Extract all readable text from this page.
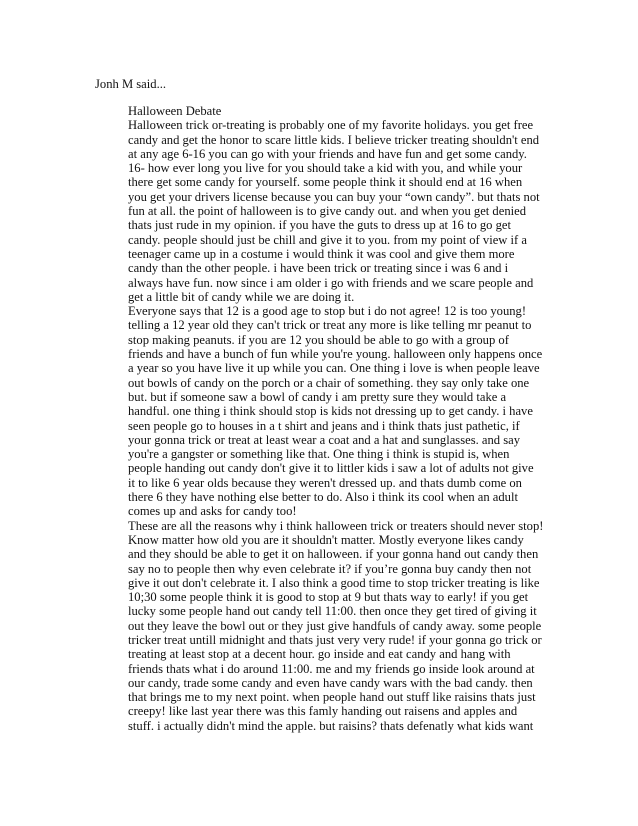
Jonh M said...
Halloween Debate
Halloween trick or-treating is probably one of my favorite holidays. you get free
candy and get the honor to scare little kids. I believe tricker treating shouldn't end
at any age 6-16 you can go with your friends and have fun and get some candy.
16- how ever long you live for you should take a kid with you, and while your
there get some candy for yourself. some people think it should end at 16 when
you get your drivers license because you can buy your “own candy”. but thats not
fun at all. the point of halloween is to give candy out. and when you get denied
thats just rude in my opinion. if you have the guts to dress up at 16 to go get
candy. people should just be chill and give it to you. from my point of view if a
teenager came up in a costume i would think it was cool and give them more
candy than the other people. i have been trick or treating since i was 6 and i
always have fun. now since i am older i go with friends and we scare people and
get a little bit of candy while we are doing it.
Everyone says that 12 is a good age to stop but i do not agree! 12 is too young!
telling a 12 year old they can't trick or treat any more is like telling mr peanut to
stop making peanuts. if you are 12 you should be able to go with a group of
friends and have a bunch of fun while you're young. halloween only happens once
a year so you have live it up while you can. One thing i love is when people leave
out bowls of candy on the porch or a chair of something. they say only take one
but. but if someone saw a bowl of candy i am pretty sure they would take a
handful. one thing i think should stop is kids not dressing up to get candy. i have
seen people go to houses in a t shirt and jeans and i think thats just pathetic, if
your gonna trick or treat at least wear a coat and a hat and sunglasses. and say
you're a gangster or something like that. One thing i think is stupid is, when
people handing out candy don't give it to littler kids i saw a lot of adults not give
it to like 6 year olds because they weren't dressed up. and thats dumb come on
there 6 they have nothing else better to do. Also i think its cool when an adult
comes up and asks for candy too!
These are all the reasons why i think halloween trick or treaters should never stop!
Know matter how old you are it shouldn't matter. Mostly everyone likes candy
and they should be able to get it on halloween. if your gonna hand out candy then
say no to people then why even celebrate it? if you’re gonna buy candy then not
give it out don't celebrate it. I also think a good time to stop tricker treating is like
10;30 some people think it is good to stop at 9 but thats way to early! if you get
lucky some people hand out candy tell 11:00. then once they get tired of giving it
out they leave the bowl out or they just give handfuls of candy away. some people
tricker treat untill midnight and thats just very very rude! if your gonna go trick or
treating at least stop at a decent hour. go inside and eat candy and hang with
friends thats what i do around 11:00. me and my friends go inside look around at
our candy, trade some candy and even have candy wars with the bad candy. then
that brings me to my next point. when people hand out stuff like raisins thats just
creepy! like last year there was this famly handing out raisens and apples and
stuff. i actually didn't mind the apple. but raisins? thats defenatly what kids want
